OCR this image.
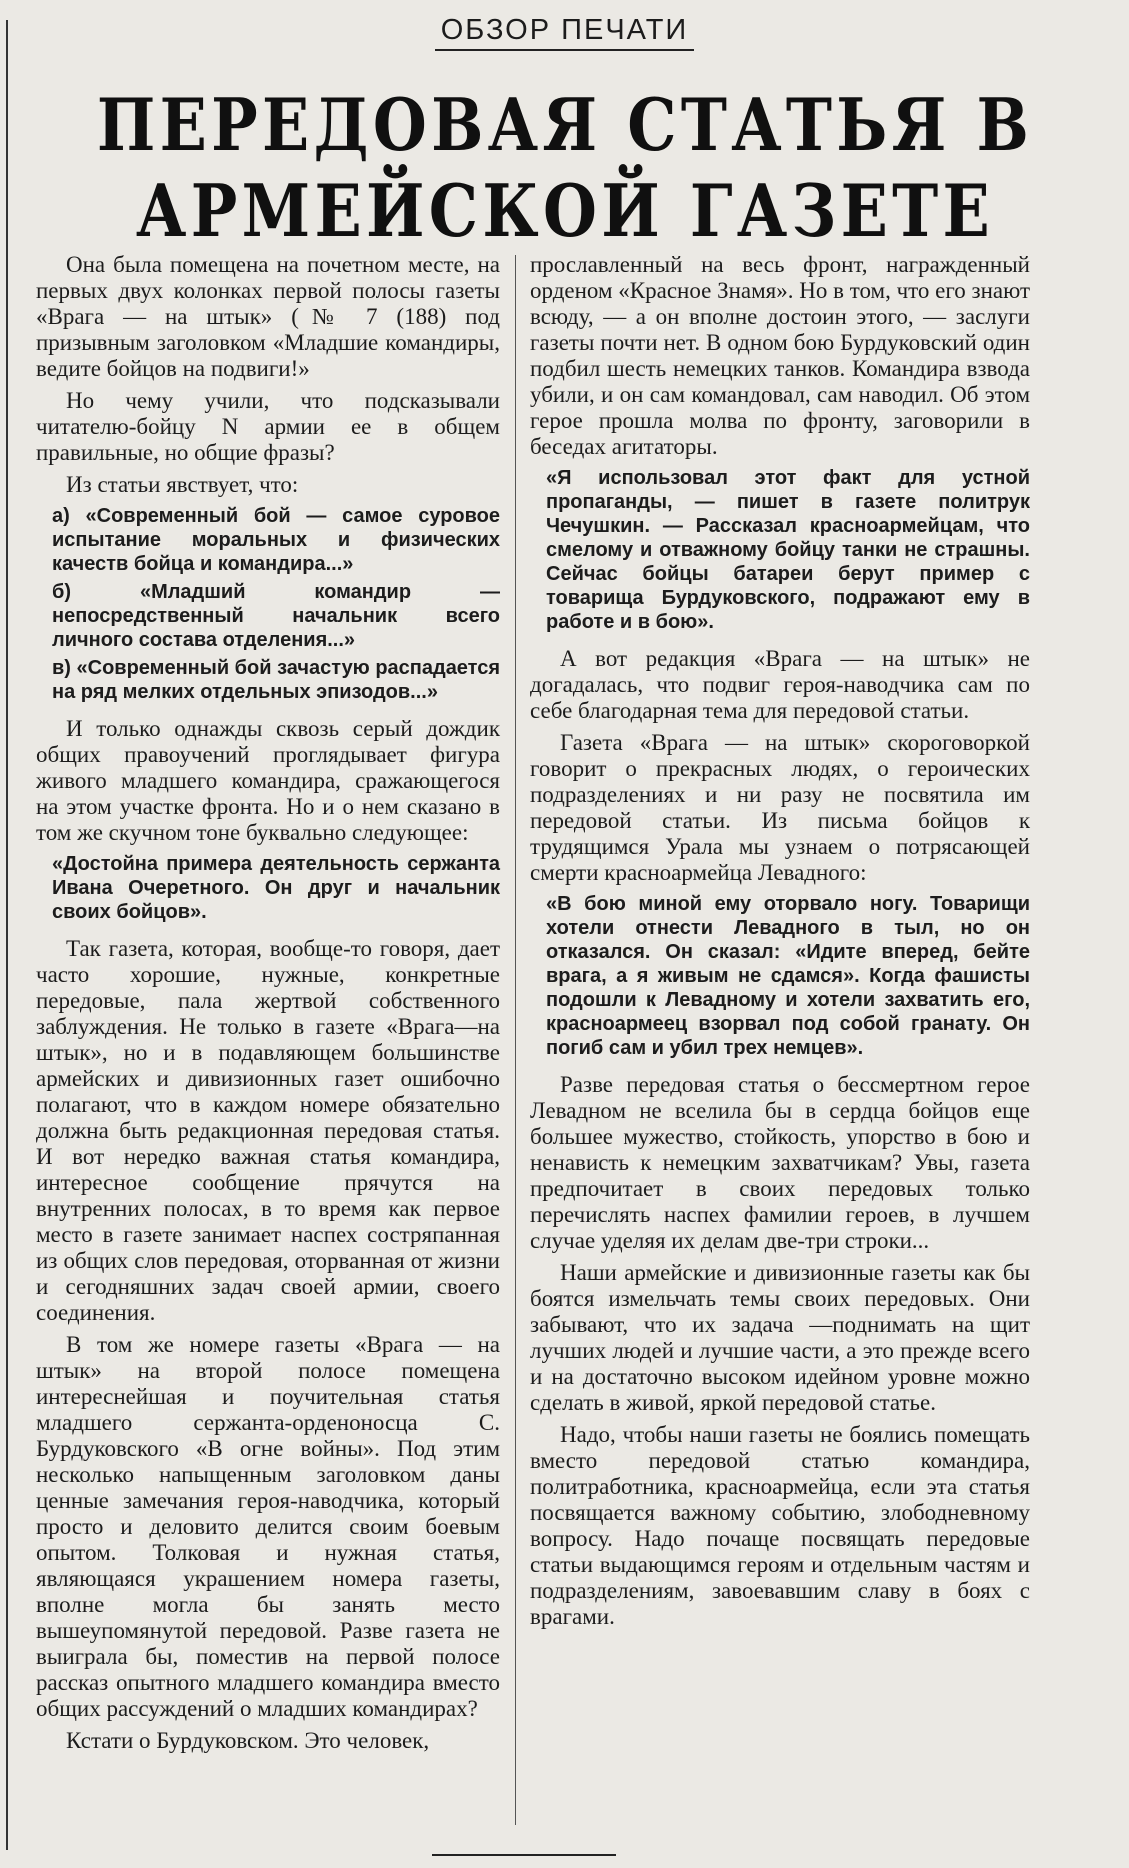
ОБЗОР ПЕЧАТИ
ПЕРЕДОВАЯ СТАТЬЯ В
АРМЕЙСКОЙ ГАЗЕТЕ

Она была помещена на почетном месте, на первых двух колонках первой полосы газеты «Врага — на штык» (№ 7 (188) под призывным заголовком «Младшие командиры, ведите бойцов на подвиги!»

Но чему учили, что подсказывали читателю-бойцу N армии ее в общем правильные, но общие фразы?

Из статьи явствует, что:

а) «Современный бой — самое суровое испытание моральных и физических качеств бойца и командира...»
б) «Младший командир — непосредственный начальник всего личного состава отделения...»
в) «Современный бой зачастую распадается на ряд мелких отдельных эпизодов...»

И только однажды сквозь серый дождик общих правоучений проглядывает фигура живого младшего командира, сражающегося на этом участке фронта. Но и о нем сказано в том же скучном тоне буквально следующее:

«Достойна примера деятельность сержанта Ивана Очеретного. Он друг и начальник своих бойцов».

Так газета, которая, вообще-то говоря, дает часто хорошие, нужные, конкретные передовые, пала жертвой собственного заблуждения. Не только в газете «Врага—на штык», но и в подавляющем большинстве армейских и дивизионных газет ошибочно полагают, что в каждом номере обязательно должна быть редакционная передовая статья. И вот нередко важная статья командира, интересное сообщение прячутся на внутренних полосах, в то время как первое место в газете занимает наспех состряпанная из общих слов передовая, оторванная от жизни и сегодняшних задач своей армии, своего соединения.

В том же номере газеты «Врага — на штык» на второй полосе помещена интереснейшая и поучительная статья младшего сержанта-орденоносца С. Бурдуковского «В огне войны». Под этим несколько напыщенным заголовком даны ценные замечания героя-наводчика, который просто и деловито делится своим боевым опытом. Толковая и нужная статья, являющаяся украшением номера газеты, вполне могла бы занять место вышеупомянутой передовой. Разве газета не выиграла бы, поместив на первой полосе рассказ опытного младшего командира вместо общих рассуждений о младших командирах?

Кстати о Бурдуковском. Это человек,

прославленный на весь фронт, награжденный орденом «Красное Знамя». Но в том, что его знают всюду, — а он вполне достоин этого, — заслуги газеты почти нет. В одном бою Бурдуковский один подбил шесть немецких танков. Командира взвода убили, и он сам командовал, сам наводил. Об этом герое прошла молва по фронту, заговорили в беседах агитаторы.

«Я использовал этот факт для устной пропаганды, — пишет в газете политрук Чечушкин. — Рассказал красноармейцам, что смелому и отважному бойцу танки не страшны. Сейчас бойцы батареи берут пример с товарища Бурдуковского, подражают ему в работе и в бою».

А вот редакция «Врага — на штык» не догадалась, что подвиг героя-наводчика сам по себе благодарная тема для передовой статьи.

Газета «Врага — на штык» скороговоркой говорит о прекрасных людях, о героических подразделениях и ни разу не посвятила им передовой статьи. Из письма бойцов к трудящимся Урала мы узнаем о потрясающей смерти красноармейца Левадного:

«В бою миной ему оторвало ногу. Товарищи хотели отнести Левадного в тыл, но он отказался. Он сказал: «Идите вперед, бейте врага, а я живым не сдамся». Когда фашисты подошли к Левадному и хотели захватить его, красноармеец взорвал под собой гранату. Он погиб сам и убил трех немцев».

Разве передовая статья о бессмертном герое Левадном не вселила бы в сердца бойцов еще большее мужество, стойкость, упорство в бою и ненависть к немецким захватчикам? Увы, газета предпочитает в своих передовых только перечислять наспех фамилии героев, в лучшем случае уделяя их делам две-три строки...

Наши армейские и дивизионные газеты как бы боятся измельчать темы своих передовых. Они забывают, что их задача —поднимать на щит лучших людей и лучшие части, а это прежде всего и на достаточно высоком идейном уровне можно сделать в живой, яркой передовой статье.

Надо, чтобы наши газеты не боялись помещать вместо передовой статью командира, политработника, красноармейца, если эта статья посвящается важному событию, злободневному вопросу. Надо почаще посвящать передовые статьи выдающимся героям и отдельным частям и подразделениям, завоевавшим славу в боях с врагами.
